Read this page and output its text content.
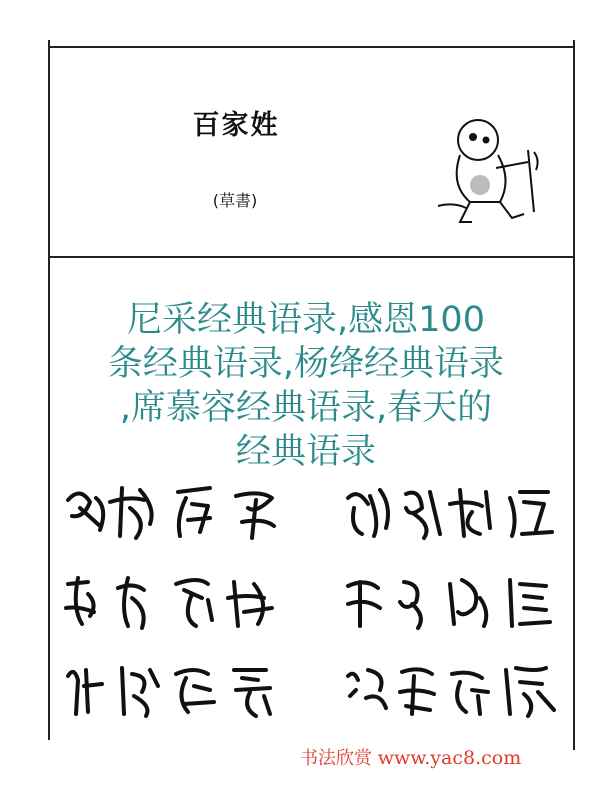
百家姓
(草書)
尼采经典语录,感恩100
条经典语录,杨绛经典语录
,席慕容经典语录,春天的
经典语录
书法欣赏 www.yac8.com
